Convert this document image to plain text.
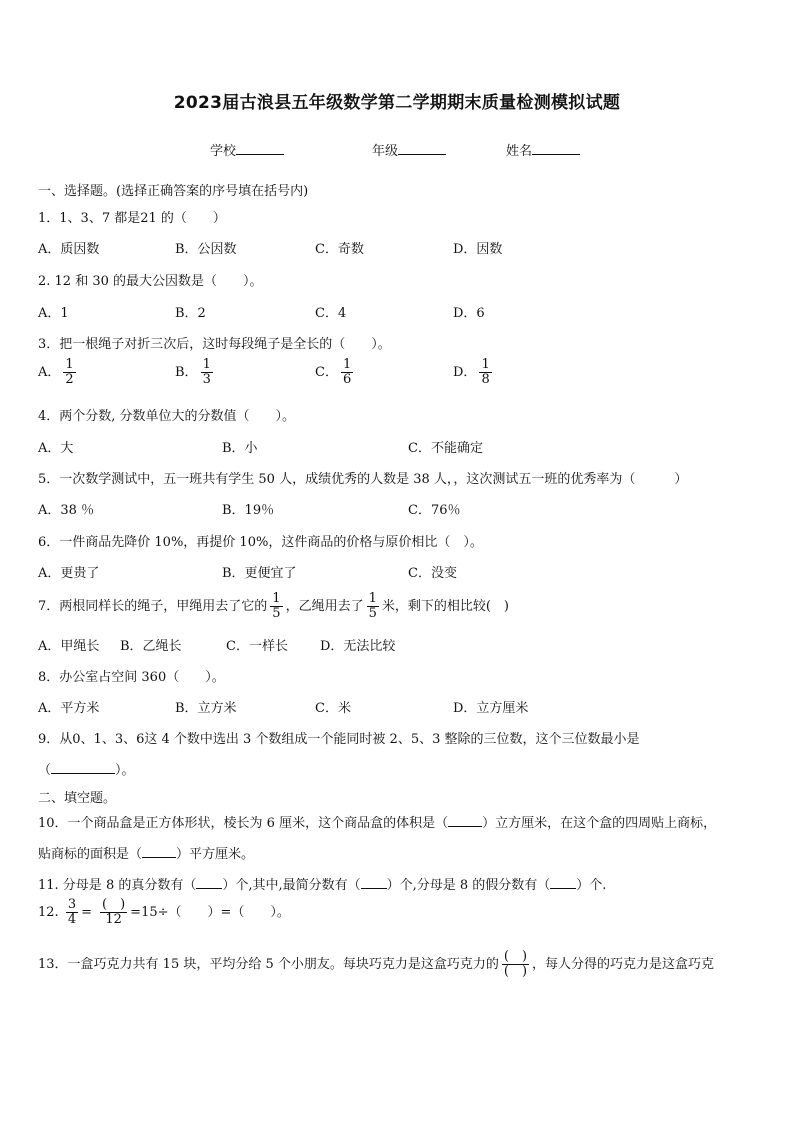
2023届古浪县五年级数学第二学期期末质量检测模拟试题
学校	年级	姓名
一、选择题。(选择正确答案的序号填在括号内)
1．1、3、7 都是21 的（　　）
A．质因数	B．公因数	C．奇数	D．因数
2. 12 和 30 的最大公因数是（　　）。
A．1	B．2	C．4	D．6
3．把一根绳子对折三次后，这时每段绳子是全长的（　　）。
A． $\frac{1}{2}$	B． $\frac{1}{3}$	C． $\frac{1}{6}$	D． $\frac{1}{8}$
4．两个分数, 分数单位大的分数值（　　）。
A．大	B．小	C．不能确定
5．一次数学测试中，五一班共有学生 50 人，成绩优秀的人数是 38 人，，这次测试五一班的优秀率为（　　　）
A．38 ％	B．19％	C．76％
6．一件商品先降价 10%，再提价 10%，这件商品的价格与原价相比（　）。
A．更贵了	B．更便宜了	C．没变
7．两根同样长的绳子，甲绳用去了它的 $\frac{1}{5}$ ，乙绳用去了 $\frac{1}{5}$ 米，剩下的相比较(　)
A．甲绳长 B．乙绳长	C．一样长 D．无法比较
8．办公室占空间 360（　　）。
A．平方米	B．立方米	C．米	D．立方厘米
9．从0、1、3、6这 4 个数中选出 3 个数组成一个能同时被 2、5、3 整除的三位数，这个三位数最小是
（	）。
二、填空题。
10．一个商品盒是正方体形状，棱长为 6 厘米，这个商品盒的体积是（	）立方厘米，在这个盒的四周贴上商标，
贴商标的面积是（	）平方厘米。
11. 分母是 8 的真分数有（ ）个,其中,最简分数有（ ）个,分母是 8 的假分数有（ ）个.
12. $\frac{3}{4} = \frac{( )}{12} =15\div$（　　）=（　　）。
13．一盒巧克力共有 15 块，平均分给 5 个小朋友。每块巧克力是这盒巧克力的 $\frac{( )}{( )}$ ，每人分得的巧克力是这盒巧克
